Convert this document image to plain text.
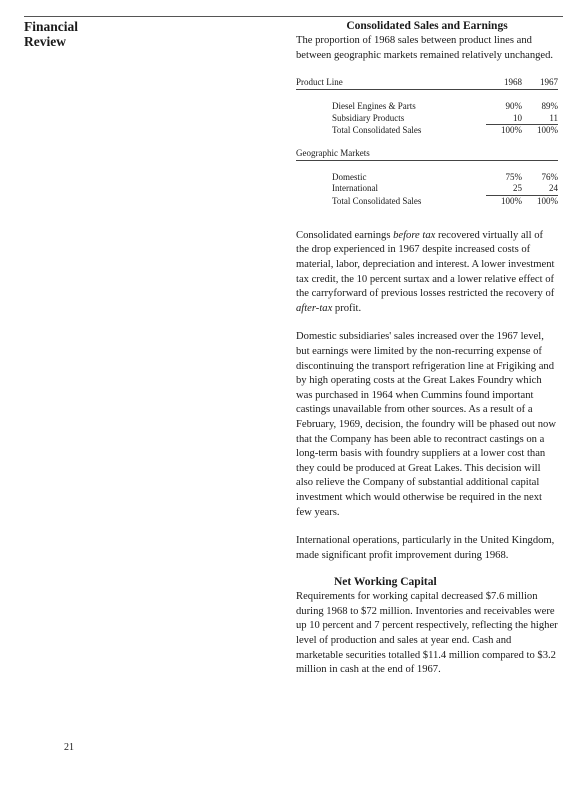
Financial
Review
Consolidated Sales and Earnings

The proportion of 1968 sales between product lines and between geographic markets remained relatively unchanged.

Product Line	1968	1967
Diesel Engines & Parts	90%	89%
Subsidiary Products	10	11
Total Consolidated Sales	100%	100%
Geographic Markets
Domestic	75%	76%
International	25	24
Total Consolidated Sales	100%	100%

Consolidated earnings before tax recovered virtually all of the drop experienced in 1967 despite increased costs of material, labor, depreciation and interest. A lower investment tax credit, the 10 percent surtax and a lower relative effect of the carryforward of previous losses restricted the recovery of after-tax profit.

Domestic subsidiaries' sales increased over the 1967 level, but earnings were limited by the non-recurring expense of discontinuing the transport refrigeration line at Frigiking and by high operating costs at the Great Lakes Foundry which was purchased in 1964 when Cummins found important castings unavailable from other sources. As a result of a February, 1969, decision, the foundry will be phased out now that the Company has been able to recontract castings on a long-term basis with foundry suppliers at a lower cost than they could be produced at Great Lakes. This decision will also relieve the Company of substantial additional capital investment which would otherwise be required in the next few years.

International operations, particularly in the United Kingdom, made significant profit improvement during 1968.

Net Working Capital

Requirements for working capital decreased $7.6 million during 1968 to $72 million. Inventories and receivables were up 10 percent and 7 percent respectively, reflecting the higher level of production and sales at year end. Cash and marketable securities totalled $11.4 million compared to $3.2 million in cash at the end of 1967.

21
